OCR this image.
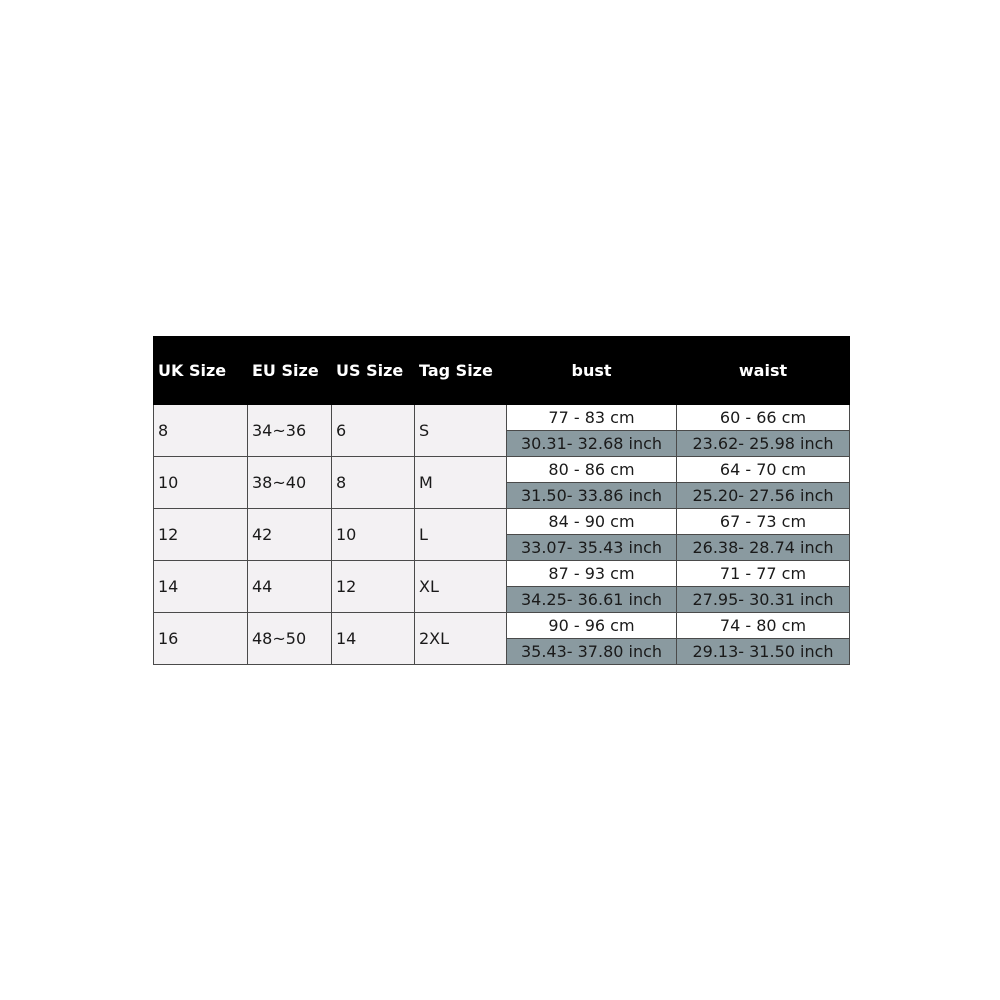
UK Size	EU Size	US Size	Tag Size	bust	waist
8	34~36	6	S	77 - 83 cm	60 - 66 cm
				30.31- 32.68 inch	23.62- 25.98 inch
10	38~40	8	M	80 - 86 cm	64 - 70 cm
				31.50- 33.86 inch	25.20- 27.56 inch
12	42	10	L	84 - 90 cm	67 - 73 cm
				33.07- 35.43 inch	26.38- 28.74 inch
14	44	12	XL	87 - 93 cm	71 - 77 cm
				34.25- 36.61 inch	27.95- 30.31 inch
16	48~50	14	2XL	90 - 96 cm	74 - 80 cm
				35.43- 37.80 inch	29.13- 31.50 inch
